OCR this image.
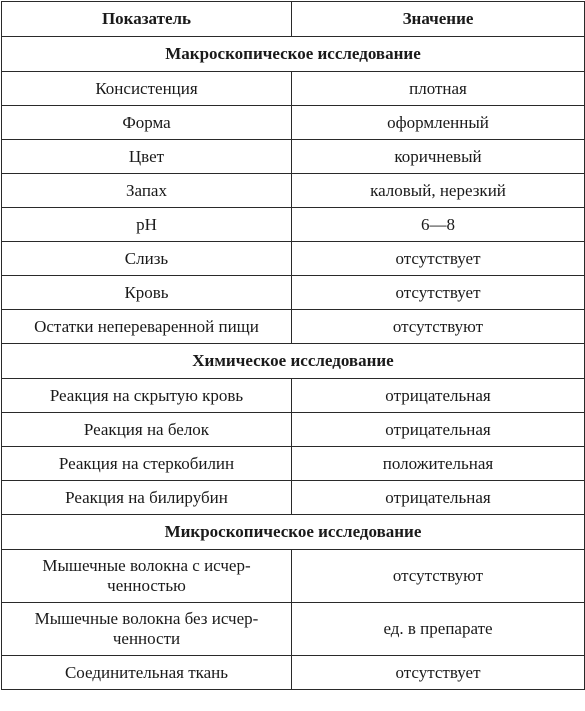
Показатель	Значение
Макроскопическое исследование	
Консистенция	плотная
Форма	оформленный
Цвет	коричневый
Запах	каловый, нерезкий
pH	6—8
Слизь	отсутствует
Кровь	отсутствует
Остатки непереваренной пищи	отсутствуют
Химическое исследование	
Реакция на скрытую кровь	отрицательная
Реакция на белок	отрицательная
Реакция на стеркобилин	положительная
Реакция на билирубин	отрицательная
Микроскопическое исследование	
Мышечные волокна с исчер-
ченностью	отсутствуют
Мышечные волокна без исчер-
ченности	ед. в препарате
Соединительная ткань	отсутствует
